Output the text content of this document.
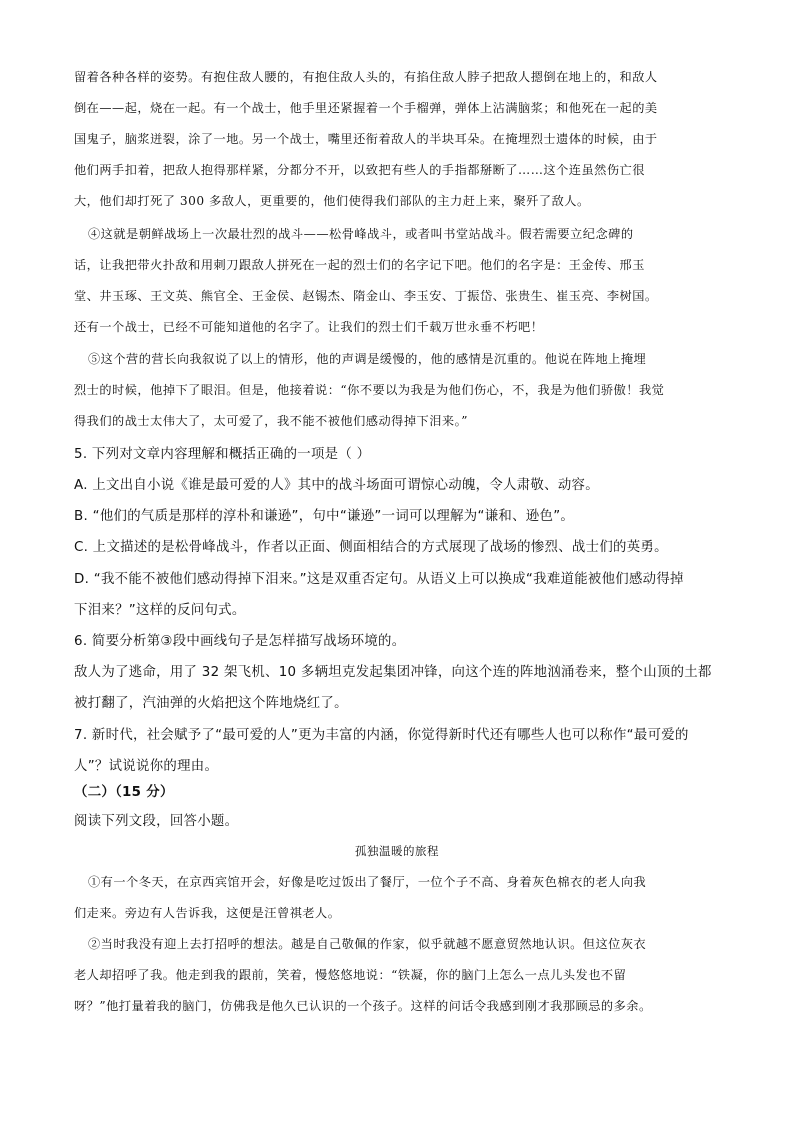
留着各种各样的姿势。有抱住敌人腰的，有抱住敌人头的，有掐住敌人脖子把敌人摁倒在地上的，和敌人

倒在——起，烧在一起。有一个战士，他手里还紧握着一个手榴弹，弹体上沾满脑浆；和他死在一起的美

国鬼子，脑浆迸裂，涂了一地。另一个战士，嘴里还衔着敌人的半块耳朵。在掩埋烈士遗体的时候，由于

他们两手扣着，把敌人抱得那样紧，分都分不开，以致把有些人的手指都掰断了……这个连虽然伤亡很

大，他们却打死了 300 多敌人，更重要的，他们使得我们部队的主力赶上来，聚歼了敌人。

④这就是朝鲜战场上一次最壮烈的战斗——松骨峰战斗，或者叫书堂站战斗。假若需要立纪念碑的

话，让我把带火扑敌和用刺刀跟敌人拼死在一起的烈士们的名字记下吧。他们的名字是：王金传、邢玉

堂、井玉琢、王文英、熊官全、王金侯、赵锡杰、隋金山、李玉安、丁振岱、张贵生、崔玉亮、李树国。

还有一个战士，已经不可能知道他的名字了。让我们的烈士们千载万世永垂不朽吧！

⑤这个营的营长向我叙说了以上的情形，他的声调是缓慢的，他的感情是沉重的。他说在阵地上掩埋

烈士的时候，他掉下了眼泪。但是，他接着说：“你不要以为我是为他们伤心，不，我是为他们骄傲！我觉

得我们的战士太伟大了，太可爱了，我不能不被他们感动得掉下泪来。”

5. 下列对文章内容理解和概括正确的一项是（ ）

A. 上文出自小说《谁是最可爱的人》其中的战斗场面可谓惊心动魄，令人肃敬、动容。

B. “他们的气质是那样的淳朴和谦逊”，句中“谦逊”一词可以理解为“谦和、逊色”。

C. 上文描述的是松骨峰战斗，作者以正面、侧面相结合的方式展现了战场的惨烈、战士们的英勇。

D. “我不能不被他们感动得掉下泪来。”这是双重否定句。从语义上可以换成“我难道能被他们感动得掉

下泪来？”这样的反问句式。

6. 简要分析第③段中画线句子是怎样描写战场环境的。

敌人为了逃命，用了 32 架飞机、10 多辆坦克发起集团冲锋，向这个连的阵地汹涌卷来，整个山顶的土都

被打翻了，汽油弹的火焰把这个阵地烧红了。

7. 新时代，社会赋予了“最可爱的人”更为丰富的内涵，你觉得新时代还有哪些人也可以称作“最可爱的

人”？试说说你的理由。

（二）（15 分）

阅读下列文段，回答小题。

孤独温暖的旅程

①有一个冬天，在京西宾馆开会，好像是吃过饭出了餐厅，一位个子不高、身着灰色棉衣的老人向我

们走来。旁边有人告诉我，这便是汪曾祺老人。

②当时我没有迎上去打招呼的想法。越是自己敬佩的作家，似乎就越不愿意贸然地认识。但这位灰衣

老人却招呼了我。他走到我的跟前，笑着，慢悠悠地说：“铁凝，你的脑门上怎么一点儿头发也不留

呀？”他打量着我的脑门，仿佛我是他久已认识的一个孩子。这样的问话令我感到刚才我那顾忌的多余。
